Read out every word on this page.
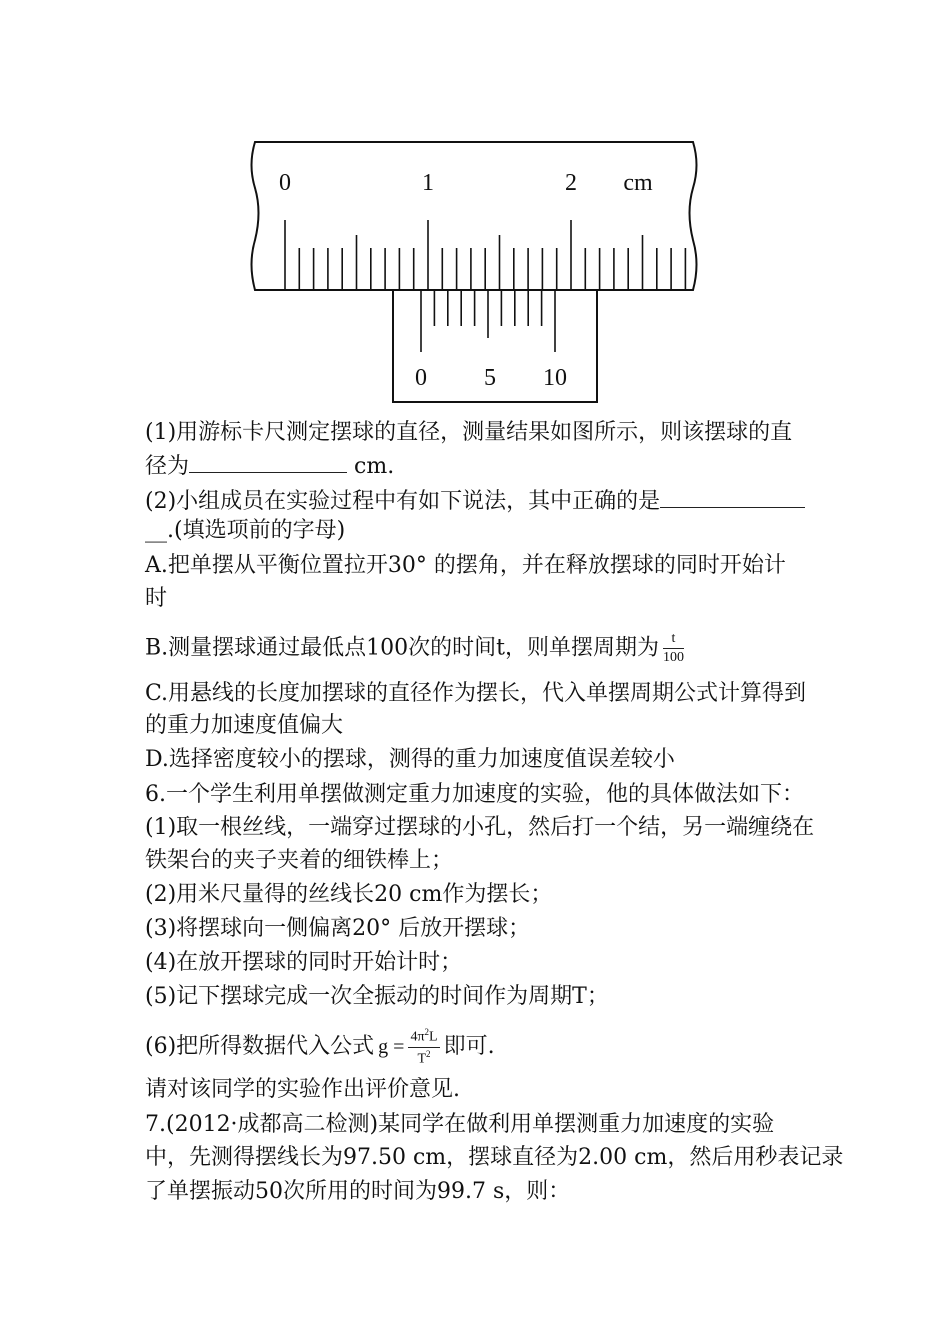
0	1	2 cm
0 5 10
(1)用游标卡尺测定摆球的直径，测量结果如图所示，则该摆球的直
径为	cm.
(2)小组成员在实验过程中有如下说法，其中正确的是
__.(填选项前的字母)
A.把单摆从平衡位置拉开30° 的摆角，并在释放摆球的同时开始计
时
B.测量摆球通过最低点100次的时间t，则单摆周期为 $\frac{t}{100}$
C.用悬线的长度加摆球的直径作为摆长，代入单摆周期公式计算得到
的重力加速度值偏大
D.选择密度较小的摆球，测得的重力加速度值误差较小
6.一个学生利用单摆做测定重力加速度的实验，他的具体做法如下：
(1)取一根丝线，一端穿过摆球的小孔，然后打一个结，另一端缠绕在
铁架台的夹子夹着的细铁棒上；
(2)用米尺量得的丝线长20 cm作为摆长；
(3)将摆球向一侧偏离20° 后放开摆球；
(4)在放开摆球的同时开始计时；
(5)记下摆球完成一次全振动的时间作为周期T；
(6)把所得数据代入公式 $g = \frac{4\pi^2L}{T^2}$ 即可.
请对该同学的实验作出评价意见.
7.(2012·成都高二检测)某同学在做利用单摆测重力加速度的实验
中，先测得摆线长为97.50 cm，摆球直径为2.00 cm，然后用秒表记录
了单摆振动50次所用的时间为99.7 s，则：
